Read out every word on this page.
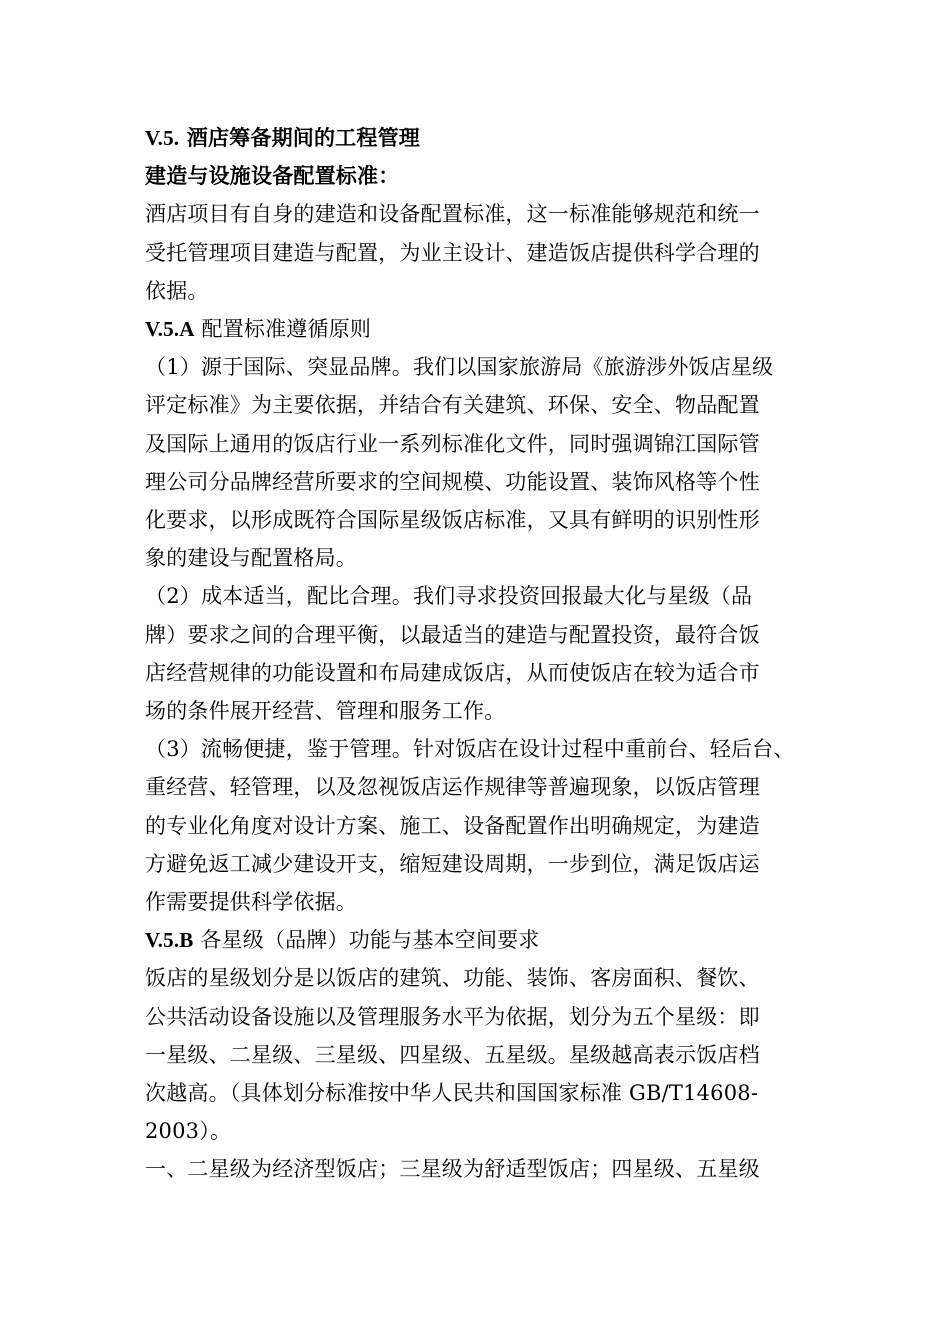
V.5. 酒店筹备期间的工程管理
建造与设施设备配置标准：
酒店项目有自身的建造和设备配置标准，这一标准能够规范和统一
受托管理项目建造与配置，为业主设计、建造饭店提供科学合理的
依据。
V.5.A 配置标准遵循原则
（1）源于国际、突显品牌。我们以国家旅游局《旅游涉外饭店星级
评定标准》为主要依据，并结合有关建筑、环保、安全、物品配置
及国际上通用的饭店行业一系列标准化文件，同时强调锦江国际管
理公司分品牌经营所要求的空间规模、功能设置、装饰风格等个性
化要求，以形成既符合国际星级饭店标准，又具有鲜明的识别性形
象的建设与配置格局。
（2）成本适当，配比合理。我们寻求投资回报最大化与星级（品
牌）要求之间的合理平衡，以最适当的建造与配置投资，最符合饭
店经营规律的功能设置和布局建成饭店，从而使饭店在较为适合市
场的条件展开经营、管理和服务工作。
（3）流畅便捷，鉴于管理。针对饭店在设计过程中重前台、轻后台、
重经营、轻管理，以及忽视饭店运作规律等普遍现象，以饭店管理
的专业化角度对设计方案、施工、设备配置作出明确规定，为建造
方避免返工减少建设开支，缩短建设周期，一步到位，满足饭店运
作需要提供科学依据。
V.5.B 各星级（品牌）功能与基本空间要求
饭店的星级划分是以饭店的建筑、功能、装饰、客房面积、餐饮、
公共活动设备设施以及管理服务水平为依据，划分为五个星级：即
一星级、二星级、三星级、四星级、五星级。星级越高表示饭店档
次越高。（具体划分标准按中华人民共和国国家标准 GB/T14608-
2003）。
一、二星级为经济型饭店；三星级为舒适型饭店；四星级、五星级
